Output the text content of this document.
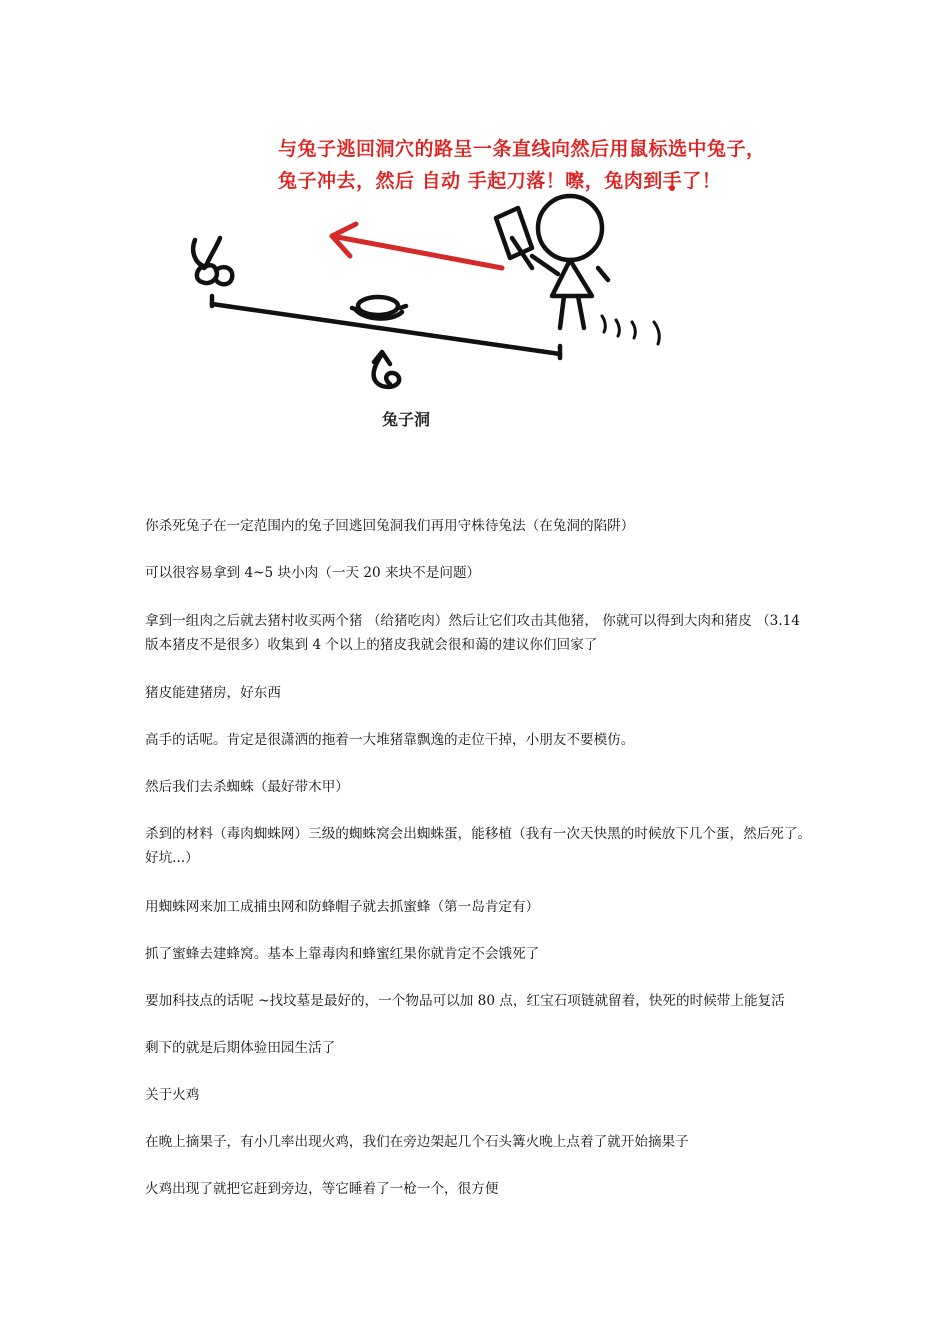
与兔子逃回洞穴的路呈一条直线向然后用鼠标选中兔子，
兔子冲去，然后 自动 手起刀落！嚓，兔肉到手了！
兔子洞

你杀死兔子在一定范围内的兔子回逃回兔洞我们再用守株待兔法（在兔洞的陷阱）

可以很容易拿到 4~5 块小肉（一天 20 来块不是问题）

拿到一组肉之后就去猪村收买两个猪 （给猪吃肉）然后让它们攻击其他猪， 你就可以得到大肉和猪皮 （3.14 版本猪皮不是很多）收集到 4 个以上的猪皮我就会很和蔼的建议你们回家了

猪皮能建猪房，好东西

高手的话呢。肯定是很潇洒的拖着一大堆猪靠飘逸的走位干掉，小朋友不要模仿。

然后我们去杀蜘蛛（最好带木甲）

杀到的材料（毒肉蜘蛛网）三级的蜘蛛窝会出蜘蛛蛋，能移植（我有一次天快黑的时候放下几个蛋，然后死了。好坑...）

用蜘蛛网来加工成捕虫网和防蜂帽子就去抓蜜蜂（第一岛肯定有）

抓了蜜蜂去建蜂窝。基本上靠毒肉和蜂蜜红果你就肯定不会饿死了

要加科技点的话呢 ~找坟墓是最好的，一个物品可以加 80 点，红宝石项链就留着，快死的时候带上能复活

剩下的就是后期体验田园生活了

关于火鸡

在晚上摘果子，有小几率出现火鸡，我们在旁边架起几个石头篝火晚上点着了就开始摘果子

火鸡出现了就把它赶到旁边，等它睡着了一枪一个，很方便
